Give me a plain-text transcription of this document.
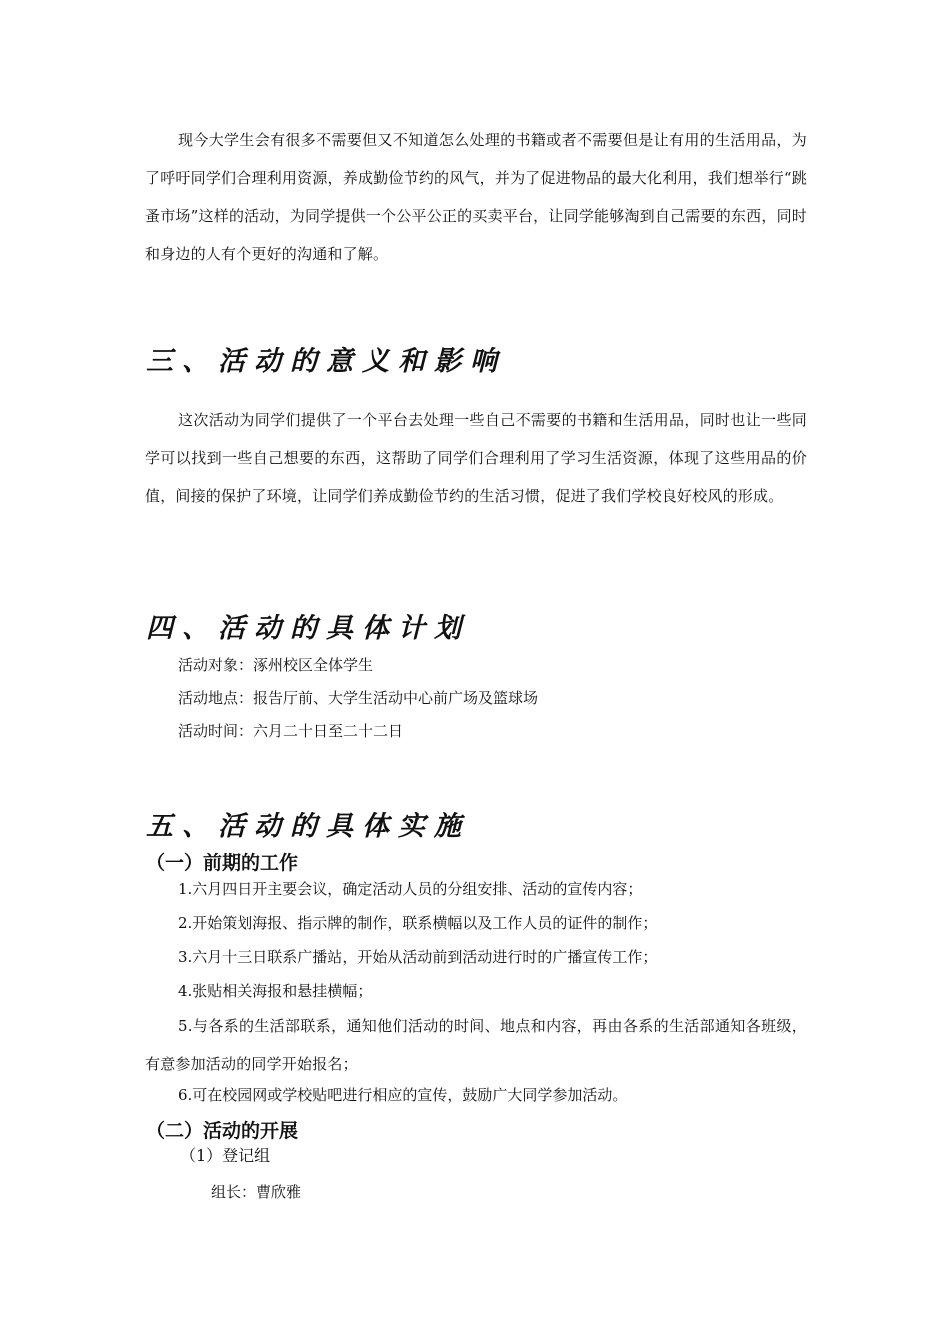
现今大学生会有很多不需要但又不知道怎么处理的书籍或者不需要但是让有用的生活用品，为了呼吁同学们合理利用资源，养成勤俭节约的风气，并为了促进物品的最大化利用，我们想举行“跳蚤市场”这样的活动，为同学提供一个公平公正的买卖平台，让同学能够淘到自己需要的东西，同时和身边的人有个更好的沟通和了解。

三、活动的意义和影响

这次活动为同学们提供了一个平台去处理一些自己不需要的书籍和生活用品，同时也让一些同学可以找到一些自己想要的东西，这帮助了同学们合理利用了学习生活资源，体现了这些用品的价值，间接的保护了环境，让同学们养成勤俭节约的生活习惯，促进了我们学校良好校风的形成。

四、活动的具体计划

活动对象：涿州校区全体学生

活动地点：报告厅前、大学生活动中心前广场及篮球场

活动时间：六月二十日至二十二日

五、活动的具体实施
（一）前期的工作

1.六月四日开主要会议，确定活动人员的分组安排、活动的宣传内容；

2.开始策划海报、指示牌的制作，联系横幅以及工作人员的证件的制作；

3.六月十三日联系广播站，开始从活动前到活动进行时的广播宣传工作；

4.张贴相关海报和悬挂横幅；

5.与各系的生活部联系，通知他们活动的时间、地点和内容，再由各系的生活部通知各班级，有意参加活动的同学开始报名；

6.可在校园网或学校贴吧进行相应的宣传，鼓励广大同学参加活动。

（二）活动的开展

（1）登记组

组长：曹欣雅
